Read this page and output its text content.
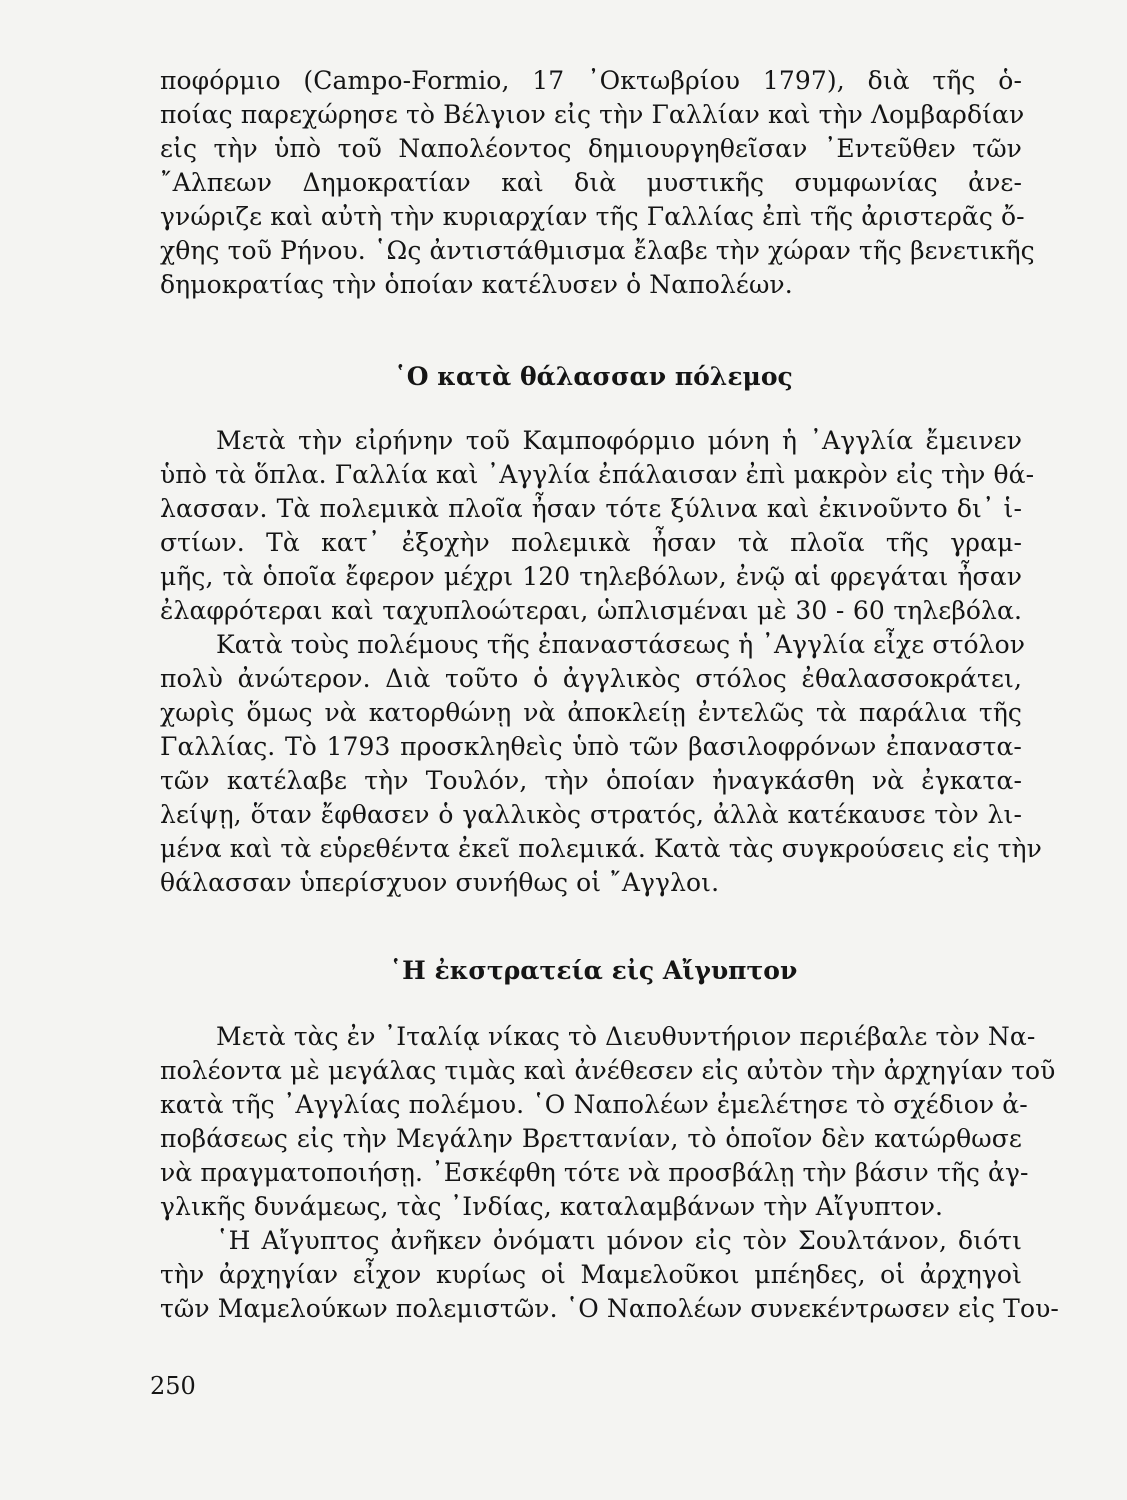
ποφόρμιο (Campo-Formio, 17 ᾿Οκτωβρίου 1797), διὰ τῆς ὁ-
ποίας παρεχώρησε τὸ Βέλγιον εἰς τὴν Γαλλίαν καὶ τὴν Λομβαρδίαν
εἰς τὴν ὑπὸ τοῦ Ναπολέοντος δημιουργηθεῖσαν ᾿Εντεῦθεν τῶν
῎Αλπεων Δημοκρατίαν καὶ διὰ μυστικῆς συμφωνίας ἀνε-
γνώριζε καὶ αὐτὴ τὴν κυριαρχίαν τῆς Γαλλίας ἐπὶ τῆς ἀριστερᾶς ὄ-
χθης τοῦ Ρήνου. ῾Ως ἀντιστάθμισμα ἔλαβε τὴν χώραν τῆς βενετικῆς
δημοκρατίας τὴν ὁποίαν κατέλυσεν ὁ Ναπολέων.
῾Ο κατὰ θάλασσαν πόλεμος
Μετὰ τὴν εἰρήνην τοῦ Καμποφόρμιο μόνη ἡ ᾿Αγγλία ἔμεινεν
ὑπὸ τὰ ὅπλα. Γαλλία καὶ ᾿Αγγλία ἐπάλαισαν ἐπὶ μακρὸν εἰς τὴν θά-
λασσαν. Τὰ πολεμικὰ πλοῖα ἦσαν τότε ξύλινα καὶ ἐκινοῦντο δι᾿ ἱ-
στίων. Τὰ κατ᾿ ἐξοχὴν πολεμικὰ ἦσαν τὰ πλοῖα τῆς γραμ-
μῆς, τὰ ὁποῖα ἔφερον μέχρι 120 τηλεβόλων, ἐνῷ αἱ φρεγάται ἦσαν
ἐλαφρότεραι καὶ ταχυπλοώτεραι, ὡπλισμέναι μὲ 30 - 60 τηλεβόλα.
Κατὰ τοὺς πολέμους τῆς ἐπαναστάσεως ἡ ᾿Αγγλία εἶχε στόλον
πολὺ ἀνώτερον. Διὰ τοῦτο ὁ ἀγγλικὸς στόλος ἐθαλασσοκράτει,
χωρὶς ὅμως νὰ κατορθώνῃ νὰ ἀποκλείῃ ἐντελῶς τὰ παράλια τῆς
Γαλλίας. Τὸ 1793 προσκληθεὶς ὑπὸ τῶν βασιλοφρόνων ἐπαναστα-
τῶν κατέλαβε τὴν Τουλόν, τὴν ὁποίαν ἠναγκάσθη νὰ ἐγκατα-
λείψῃ, ὅταν ἔφθασεν ὁ γαλλικὸς στρατός, ἀλλὰ κατέκαυσε τὸν λι-
μένα καὶ τὰ εὑρεθέντα ἐκεῖ πολεμικά. Κατὰ τὰς συγκρούσεις εἰς τὴν
θάλασσαν ὑπερίσχυον συνήθως οἱ ῎Αγγλοι.
῾Η ἐκστρατεία εἰς Αἴγυπτον
Μετὰ τὰς ἐν ᾿Ιταλίᾳ νίκας τὸ Διευθυντήριον περιέβαλε τὸν Να-
πολέοντα μὲ μεγάλας τιμὰς καὶ ἀνέθεσεν εἰς αὐτὸν τὴν ἀρχηγίαν τοῦ
κατὰ τῆς ᾿Αγγλίας πολέμου. ῾Ο Ναπολέων ἐμελέτησε τὸ σχέδιον ἀ-
ποβάσεως εἰς τὴν Μεγάλην Βρεττανίαν, τὸ ὁποῖον δὲν κατώρθωσε
νὰ πραγματοποιήσῃ. ᾿Εσκέφθη τότε νὰ προσβάλῃ τὴν βάσιν τῆς ἀγ-
γλικῆς δυνάμεως, τὰς ᾿Ινδίας, καταλαμβάνων τὴν Αἴγυπτον.
῾Η Αἴγυπτος ἀνῆκεν ὀνόματι μόνον εἰς τὸν Σουλτάνον, διότι
τὴν ἀρχηγίαν εἶχον κυρίως οἱ Μαμελοῦκοι μπέηδες, οἱ ἀρχηγοὶ
τῶν Μαμελούκων πολεμιστῶν. ῾Ο Ναπολέων συνεκέντρωσεν εἰς Του-
250
